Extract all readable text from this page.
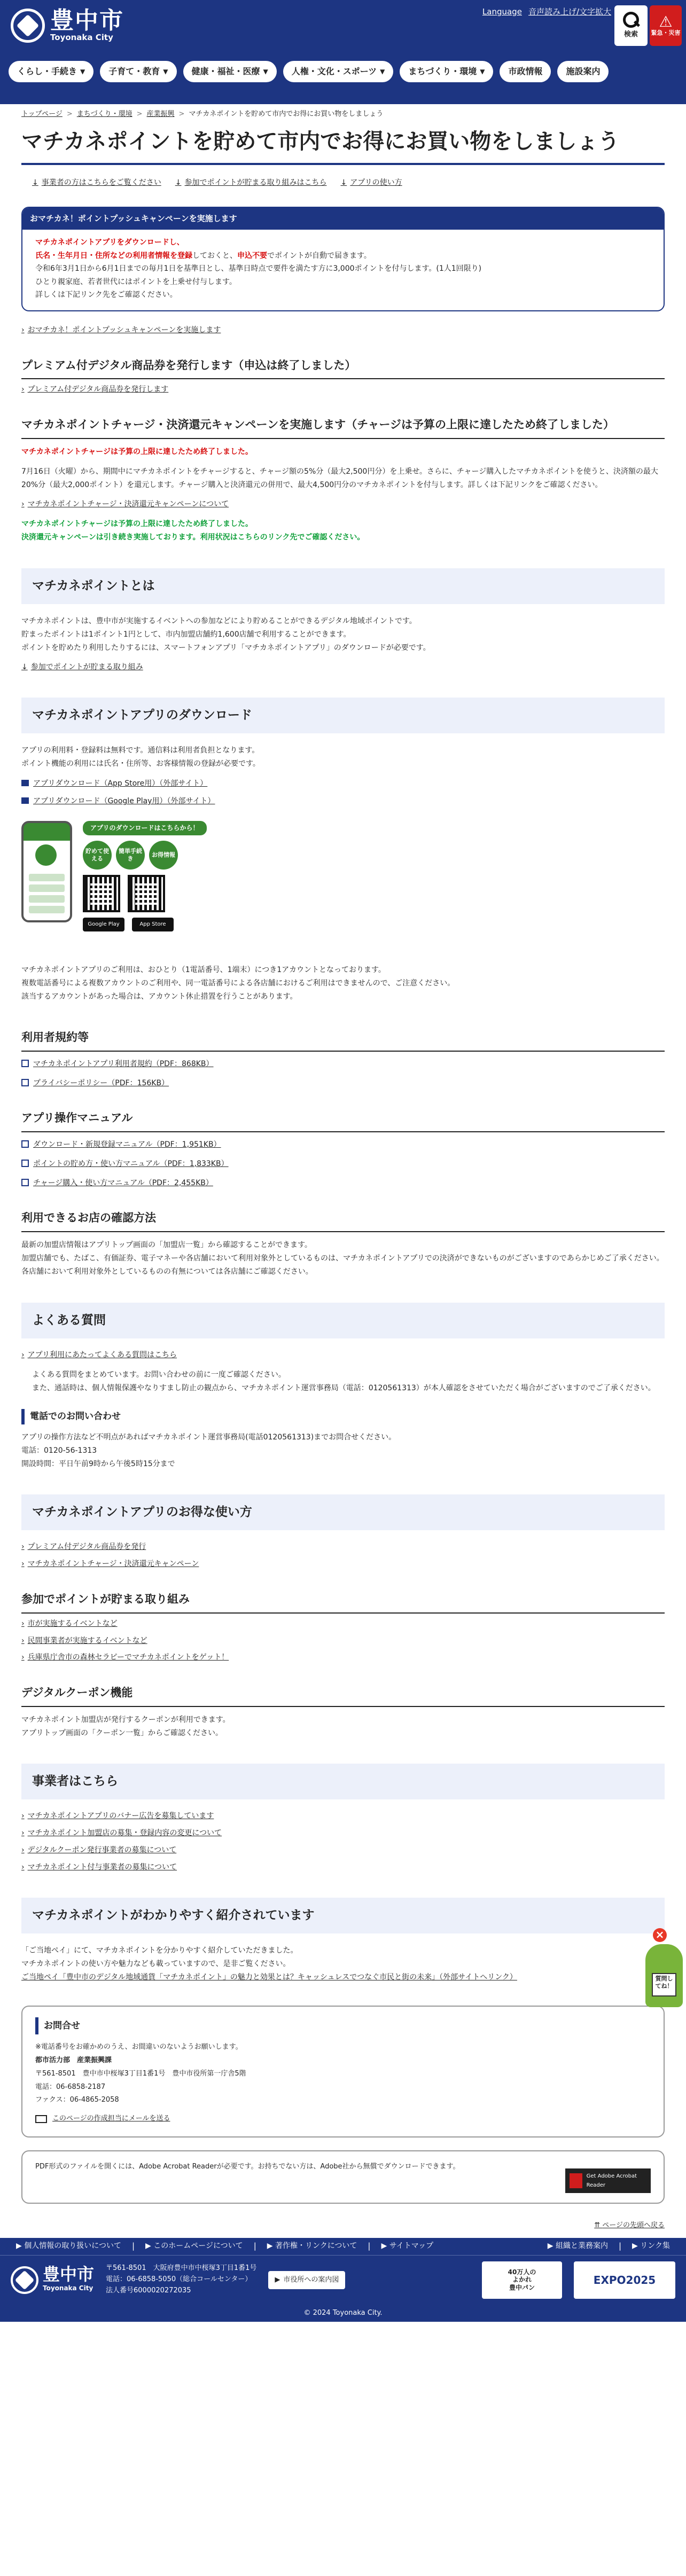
豊中市
Toyonaka City
Language 音声読み上げ/文字拡大
検索
⚠
緊急・災害
くらし・手続き ▼	子育て・教育 ▼	健康・福祉・医療 ▼	人権・文化・スポーツ ▼	まちづくり・環境 ▼	市政情報	施設案内
トップページ > まちづくり・環境 > 産業振興 > マチカネポイントを貯めて市内でお得にお買い物をしましょう
マチカネポイントを貯めて市内でお得にお買い物をしましょう
↓ 事業者の方はこちらをご覧ください ↓ 参加でポイントが貯まる取り組みはこちら ↓ アプリの使い方
おマチカネ！ポイントプッシュキャンペーンを実施します
マチカネポイントアプリをダウンロードし、
氏名・生年月日・住所などの利用者情報を登録しておくと、申込不要でポイントが自動で届きます。
令和6年3月1日から6月1日までの毎月1日を基準日とし、基準日時点で要件を満たす方に3,000ポイントを付与します。(1人1回限り)
ひとり親家庭、若者世代にはポイントを上乗せ付与します。
詳しくは下記リンク先をご確認ください。
› おマチカネ！ポイントプッシュキャンペーンを実施します
プレミアム付デジタル商品券を発行します（申込は終了しました）
› プレミアム付デジタル商品券を発行します
マチカネポイントチャージ・決済還元キャンペーンを実施します（チャージは予算の上限に達したため終了しました）

マチカネポイントチャージは予算の上限に達したため終了しました。

7月16日（火曜）から、期間中にマチカネポイントをチャージすると、チャージ額の5%分（最大2,500円分）を上乗せ。さらに、チャージ購入したマチカネポイントを使うと、決済額の最大20%分（最大2,000ポイント）を還元します。チャージ購入と決済還元の併用で、最大4,500円分のマチカネポイントを付与します。詳しくは下記リンクをご確認ください。

› マチカネポイントチャージ・決済還元キャンペーンについて

マチカネポイントチャージは予算の上限に達したため終了しました。

決済還元キャンペーンは引き続き実施しております。利用状況はこちらのリンク先でご確認ください。

マチカネポイントとは

マチカネポイントは、豊中市が実施するイベントへの参加などにより貯めることができるデジタル地域ポイントです。

貯まったポイントは1ポイント1円として、市内加盟店舗約1,600店舗で利用することができます。

ポイントを貯めたり利用したりするには、スマートフォンアプリ「マチカネポイントアプリ」のダウンロードが必要です。

↓ 参加でポイントが貯まる取り組み
マチカネポイントアプリのダウンロード

アプリの利用料・登録料は無料です。通信料は利用者負担となります。

ポイント機能の利用には氏名・住所等、お客様情報の登録が必要です。

アプリダウンロード（App Store用）（外部サイト）
アプリダウンロード（Google Play用）（外部サイト）
アプリのダウンロードはこちらから！
貯めて使える
簡単手続き
お得情報
Google Play	App Store

マチカネポイントアプリのご利用は、おひとり（1電話番号、1端末）につき1アカウントとなっております。

複数電話番号による複数アカウントのご利用や、同一電話番号による各店舗におけるご利用はできませんので、ご注意ください。

該当するアカウントがあった場合は、アカウント休止措置を行うことがあります。

利用者規約等
マチカネポイントアプリ利用者規約（PDF：868KB）
プライバシーポリシー（PDF：156KB）
アプリ操作マニュアル
ダウンロード・新規登録マニュアル（PDF：1,951KB）
ポイントの貯め方・使い方マニュアル（PDF：1,833KB）
チャージ購入・使い方マニュアル（PDF：2,455KB）
利用できるお店の確認方法

最新の加盟店情報はアプリトップ画面の「加盟店一覧」から確認することができます。

加盟店舗でも、たばこ、有価証券、電子マネーや各店舗において利用対象外としているものは、マチカネポイントアプリでの決済ができないものがございますのであらかじめご了承ください。

各店舗において利用対象外としているものの有無については各店舗にご確認ください。

よくある質問
› アプリ利用にあたってよくある質問はこちら

よくある質問をまとめています。お問い合わせの前に一度ご確認ください。

また、通話時は、個人情報保護やなりすまし防止の観点から、マチカネポイント運営事務局（電話：0120561313）が本人確認をさせていただく場合がございますのでご了承ください。

電話でのお問い合わせ

アプリの操作方法など不明点があればマチカネポイント運営事務局(電話0120561313)までお問合せください。

電話：0120-56-1313

開設時間：平日午前9時から午後5時15分まで

マチカネポイントアプリのお得な使い方
› プレミアム付デジタル商品券を発行
› マチカネポイントチャージ・決済還元キャンペーン
参加でポイントが貯まる取り組み
› 市が実施するイベントなど
› 民間事業者が実施するイベントなど
› 兵庫県庁舎市の森林セラピーでマチカネポイントをゲット！
デジタルクーポン機能

マチカネポイント加盟店が発行するクーポンが利用できます。

アプリトップ画面の「クーポン一覧」からご確認ください。

事業者はこちら
› マチカネポイントアプリのバナー広告を募集しています
› マチカネポイント加盟店の募集・登録内容の変更について
› デジタルクーポン発行事業者の募集について
› マチカネポイント付与事業者の募集について
マチカネポイントがわかりやすく紹介されています

「ご当地ぺイ」にて、マチカネポイントを分かりやすく紹介していただきました。

マチカネポイントの使い方や魅力なども載っていますので、是非ご覧ください。

ご当地ペイ「豊中市のデジタル地域通貨「マチカネポイント」の魅力と効果とは？キャッシュレスでつなぐ市民と街の未来」（外部サイトへリンク）
お問合せ
※電話番号をお確かめのうえ、お間違いのないようお願いします。
都市活力部　産業振興課
〒561-8501　豊中市中桜塚3丁目1番1号　豊中市役所第一庁舎5階
電話：06-6858-2187
ファクス：06-4865-2058
このページの作成担当にメールを送る
PDF形式のファイルを開くには、Adobe Acrobat Readerが必要です。お持ちでない方は、Adobe社から無償でダウンロードできます。
Get Adobe Acrobat Reader
⇈ ページの先頭へ戻る
▶ 個人情報の取り扱いについて | ▶ このホームページについて | ▶ 著作権・リンクについて | ▶ サイトマップ	▶ 組織と業務案内 | ▶ リンク集
豊中市
Toyonaka City
〒561-8501　大阪府豊中市中桜塚3丁目1番1号
電話：06-6858-5050（総合コールセンター）
法人番号6000020272035
▶ 市役所への案内図
40万人の
よかれ
豊中パン
EXPO2025
© 2024 Toyonaka City.
×
質問してね！
